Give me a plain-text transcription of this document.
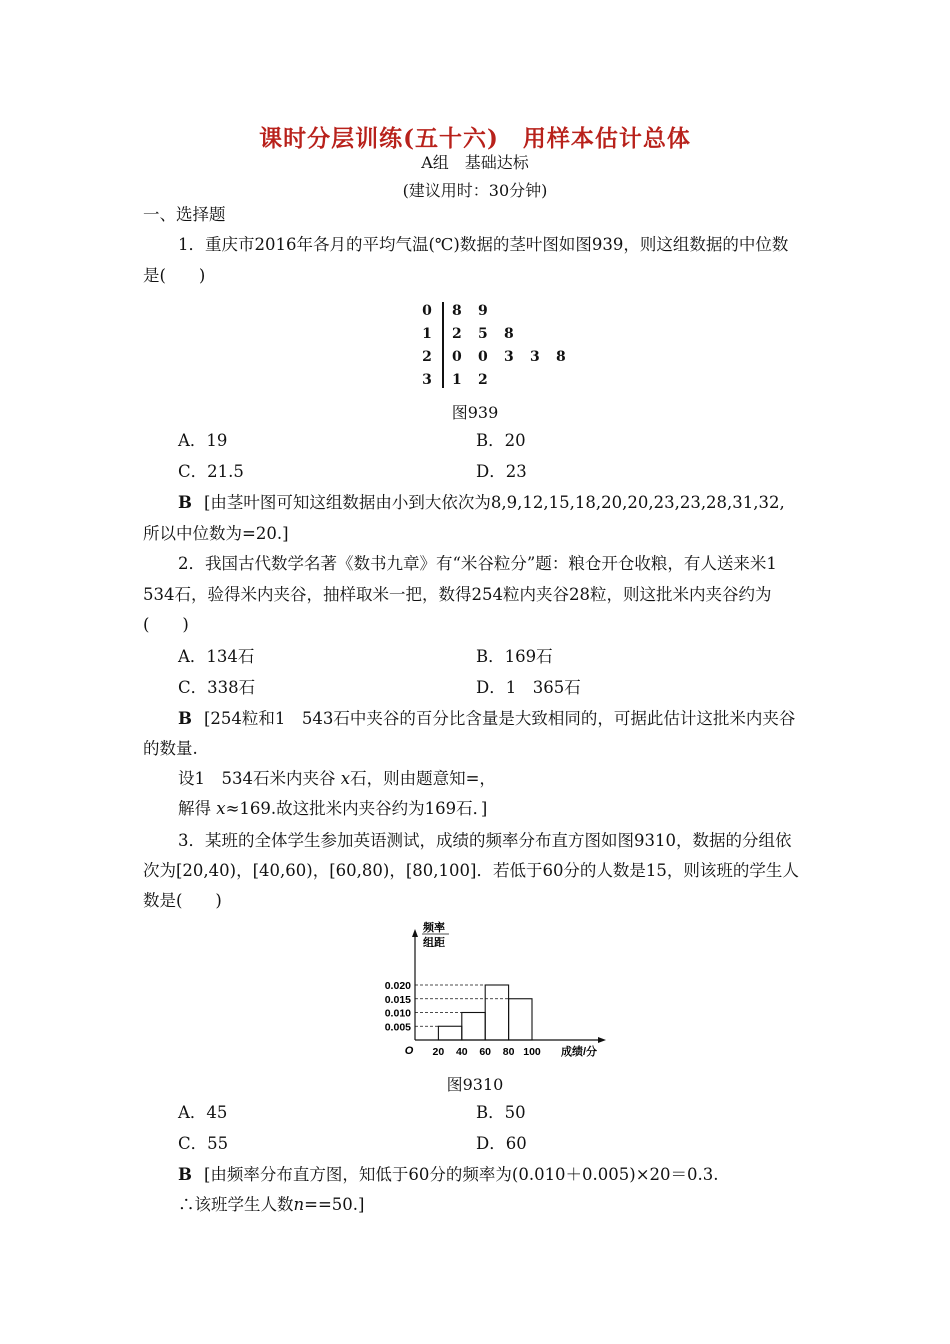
课时分层训练(五十六)　用样本估计总体
A组　基础达标
(建议用时：30分钟)
一、选择题
1．重庆市2016年各月的平均气温(℃)数据的茎叶图如图939，则这组数据的中位数
是(　　)
图939
A．19	B．20
C．21.5	D．23
B [由茎叶图可知这组数据由小到大依次为8,9,12,15,18,20,20,23,23,28,31,32,
所以中位数为=20.]
2．我国古代数学名著《数书九章》有“米谷粒分”题：粮仓开仓收粮，有人送来米1
534石，验得米内夹谷，抽样取米一把，数得254粒内夹谷28粒，则这批米内夹谷约为
(　　)
A．134石	B．169石
C．338石	D．1　365石
B [254粒和1　543石中夹谷的百分比含量是大致相同的，可据此估计这批米内夹谷
的数量.
设1　534石米内夹谷 x石，则由题意知=，
解得 x≈169.故这批米内夹谷约为169石．]
3．某班的全体学生参加英语测试，成绩的频率分布直方图如图9310，数据的分组依
次为[20,40)，[40,60)，[60,80)，[80,100]．若低于60分的人数是15，则该班的学生人
数是(　　)
频率
组距
O	成绩/分
0.005
0.010
0.015
0.020
20 40 60 80 100
图9310
A．45	B．50
C．55	D．60
B [由频率分布直方图，知低于60分的频率为(0.010＋0.005)×20＝0.3.
∴该班学生人数n==50.]
0 8 9
1 2 5 8
2 0 0 3 3 8
3 1 2
